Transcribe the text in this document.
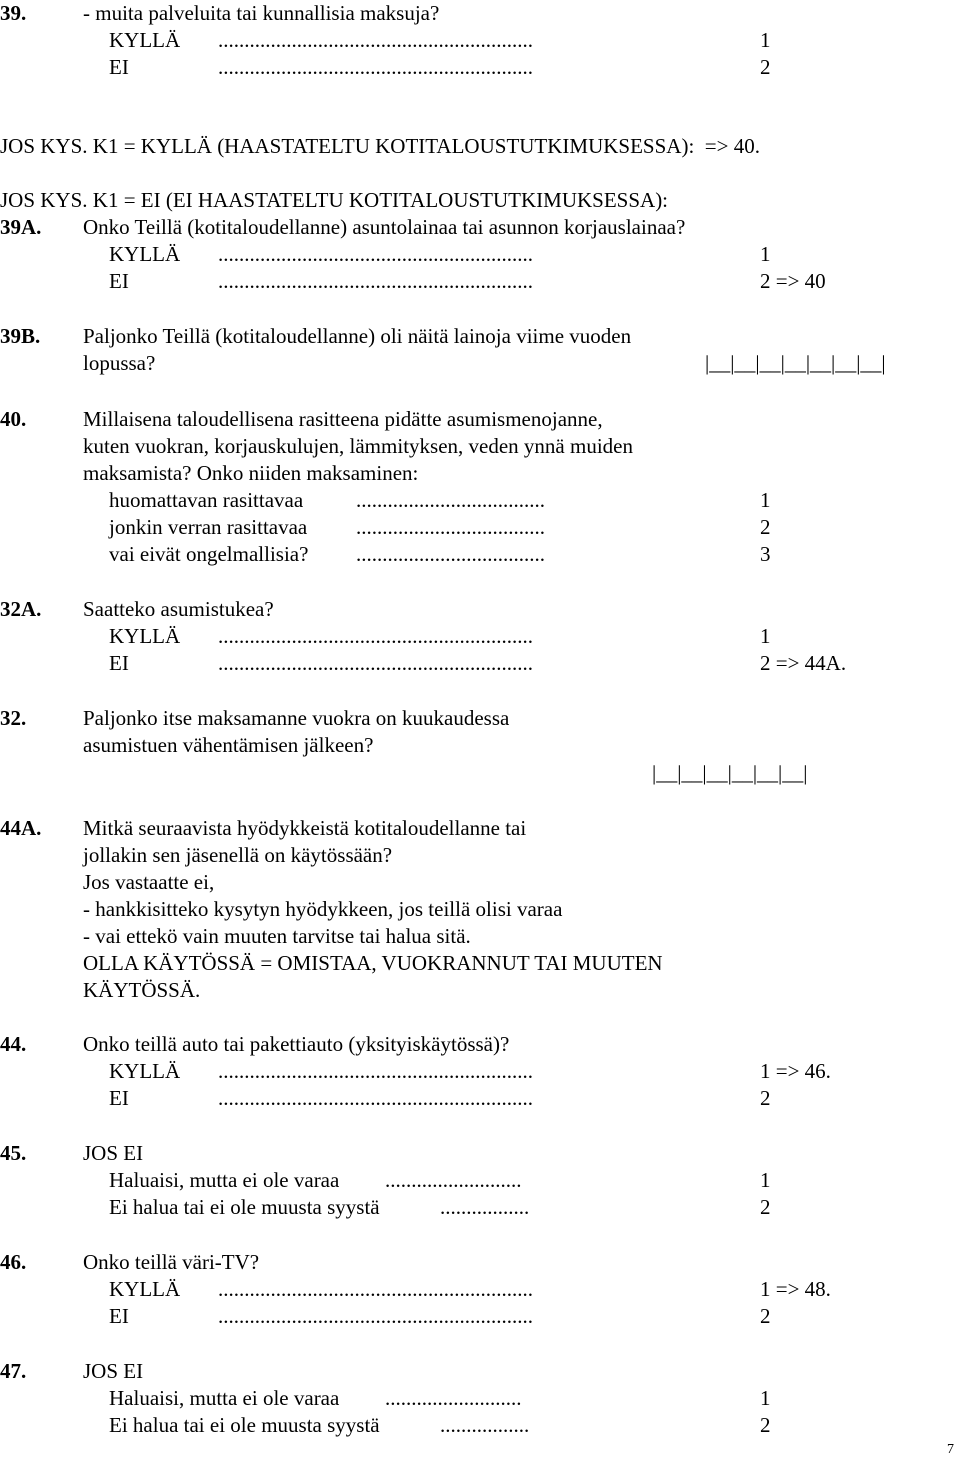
39.	- muita palveluita tai kunnallisia maksuja?
KYLLÄ ............................................................	1
EI	............................................................	2
JOS KYS. K1 = KYLLÄ (HAASTATELTU KOTITALOUSTUTKIMUKSESSA):  => 40.
JOS KYS. K1 = EI (EI HAASTATELTU KOTITALOUSTUTKIMUKSESSA):
39A. Onko Teillä (kotitaloudellanne) asuntolainaa tai asunnon korjauslainaa?
KYLLÄ ............................................................	1
EI	............................................................	2 => 40
39B. Paljonko Teillä (kotitaloudellanne) oli näitä lainoja viime vuoden
lopussa?	|__|__|__|__|__|__|__|
40.	Millaisena taloudellisena rasitteena pidätte asumismenojanne,
kuten vuokran, korjauskulujen, lämmityksen, veden ynnä muiden
maksamista? Onko niiden maksaminen:
huomattavan rasittavaa	....................................	1
jonkin verran rasittavaa ....................................	2
vai eivät ongelmallisia? ....................................	3
32A. Saatteko asumistukea?
KYLLÄ ............................................................	1
EI	............................................................	2 => 44A.
32.	Paljonko itse maksamanne vuokra on kuukaudessa
asumistuen vähentämisen jälkeen?
|__|__|__|__|__|__|
44A. Mitkä seuraavista hyödykkeistä kotitaloudellanne tai
jollakin sen jäsenellä on käytössään?
Jos vastaatte ei,
- hankkisitteko kysytyn hyödykkeen, jos teillä olisi varaa
- vai ettekö vain muuten tarvitse tai halua sitä.
OLLA KÄYTÖSSÄ = OMISTAA, VUOKRANNUT TAI MUUTEN
KÄYTÖSSÄ.
44.	Onko teillä auto tai pakettiauto (yksityiskäytössä)?
KYLLÄ ............................................................	1 => 46.
EI	............................................................	2
45.	JOS EI
Haluaisi, mutta ei ole varaa ..........................	1
Ei halua tai ei ole muusta syystä	.................	2
46.	Onko teillä väri-TV?
KYLLÄ ............................................................	1 => 48.
EI	............................................................	2
47.	JOS EI
Haluaisi, mutta ei ole varaa ..........................	1
Ei halua tai ei ole muusta syystä	.................	2
7
